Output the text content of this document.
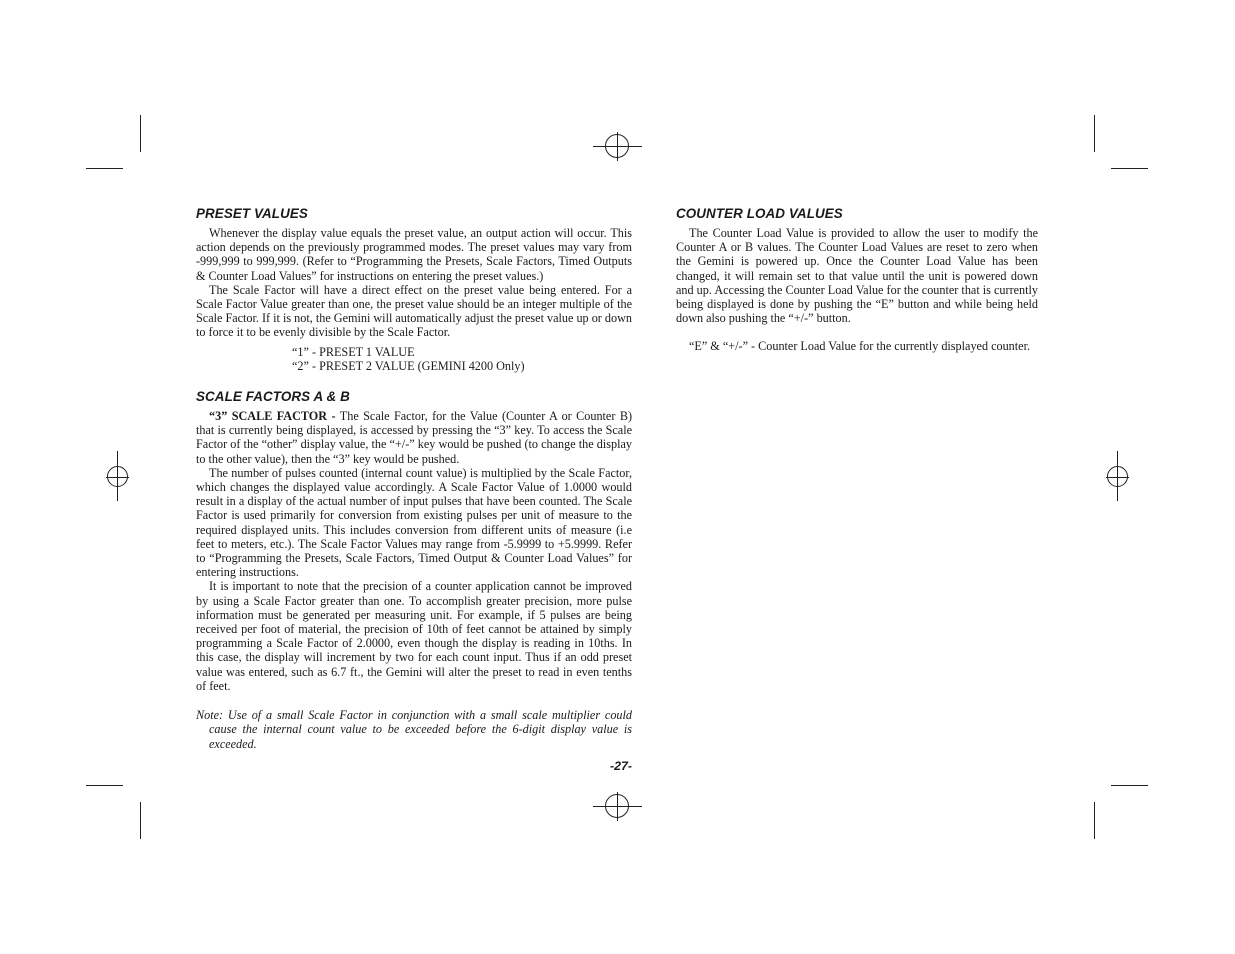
PRESET VALUES

Whenever the display value equals the preset value, an output action will occur. This action depends on the previously programmed modes. The preset values may vary from -999,999 to 999,999. (Refer to “Programming the Presets, Scale Factors, Timed Outputs & Counter Load Values” for instructions on entering the preset values.)

The Scale Factor will have a direct effect on the preset value being entered. For a Scale Factor Value greater than one, the preset value should be an integer multiple of the Scale Factor. If it is not, the Gemini will automatically adjust the preset value up or down to force it to be evenly divisible by the Scale Factor.

“1” - PRESET 1 VALUE
“2” - PRESET 2 VALUE (GEMINI 4200 Only)
SCALE FACTORS A & B

“3” SCALE FACTOR - The Scale Factor, for the Value (Counter A or Counter B) that is currently being displayed, is accessed by pressing the “3” key. To access the Scale Factor of the “other” display value, the “+/-” key would be pushed (to change the display to the other value), then the “3” key would be pushed.

The number of pulses counted (internal count value) is multiplied by the Scale Factor, which changes the displayed value accordingly. A Scale Factor Value of 1.0000 would result in a display of the actual number of input pulses that have been counted. The Scale Factor is used primarily for conversion from existing pulses per unit of measure to the required displayed units. This includes conversion from different units of measure (i.e feet to meters, etc.). The Scale Factor Values may range from -5.9999 to +5.9999. Refer to “Programming the Presets, Scale Factors, Timed Output & Counter Load Values” for entering instructions.

It is important to note that the precision of a counter application cannot be improved by using a Scale Factor greater than one. To accomplish greater precision, more pulse information must be generated per measuring unit. For example, if 5 pulses are being received per foot of material, the precision of 10th of feet cannot be attained by simply programming a Scale Factor of 2.0000, even though the display is reading in 10ths. In this case, the display will increment by two for each count input. Thus if an odd preset value was entered, such as 6.7 ft., the Gemini will alter the preset to read in even tenths of feet.

Note: Use of a small Scale Factor in conjunction with a small scale multiplier could cause the internal count value to be exceeded before the 6-digit display value is exceeded.
COUNTER LOAD VALUES

The Counter Load Value is provided to allow the user to modify the Counter A or B values. The Counter Load Values are reset to zero when the Gemini is powered up. Once the Counter Load Value has been changed, it will remain set to that value until the unit is powered down and up. Accessing the Counter Load Value for the counter that is currently being displayed is done by pushing the “E” button and while being held down also pushing the “+/-” button.

“E” & “+/-” - Counter Load Value for the currently displayed counter.
-27-
